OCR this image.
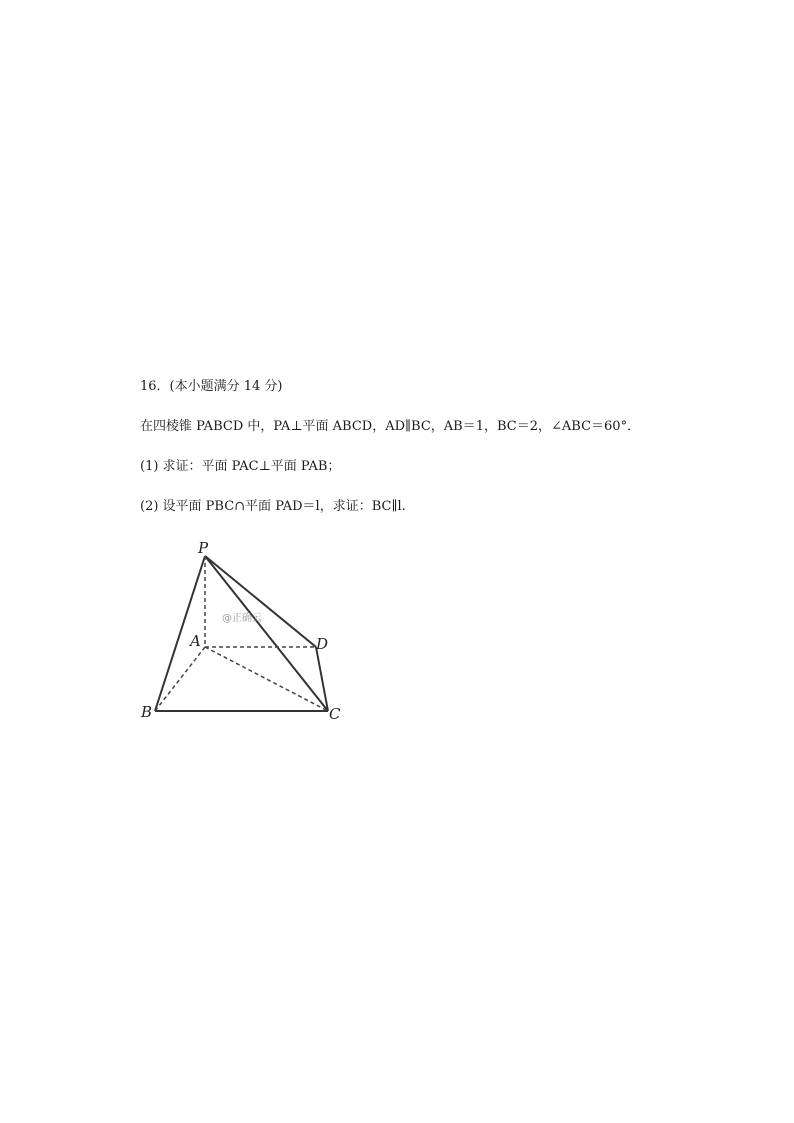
16．(本小题满分 14 分)
在四棱锥 PABCD 中，PA⊥平面 ABCD，AD∥BC，AB＝1，BC＝2，∠ABC＝60°．
(1) 求证：平面 PAC⊥平面 PAB；
(2) 设平面 PBC∩平面 PAD＝l，求证：BC∥l.
P
A	D
B	C
@正确云
